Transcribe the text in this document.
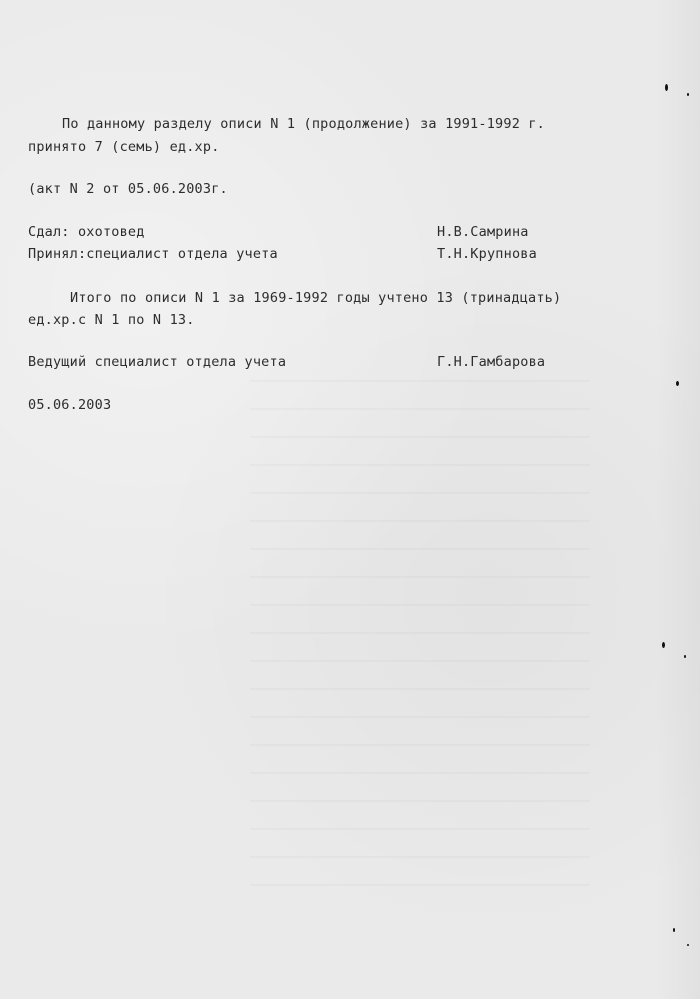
По данному разделу описи N 1 (продолжение) за 1991-1992 г.
принято 7 (семь) ед.хр.
(акт N 2 от 05.06.2003г.
Сдал: охотовед	Н.В.Самрина
Принял:специалист отдела учета	Т.Н.Крупнова
Итого по описи N 1 за 1969-1992 годы учтено 13 (тринадцать)
ед.хр.с N 1 по N 13.
Ведущий специалист отдела учета	Г.Н.Гамбарова
05.06.2003
